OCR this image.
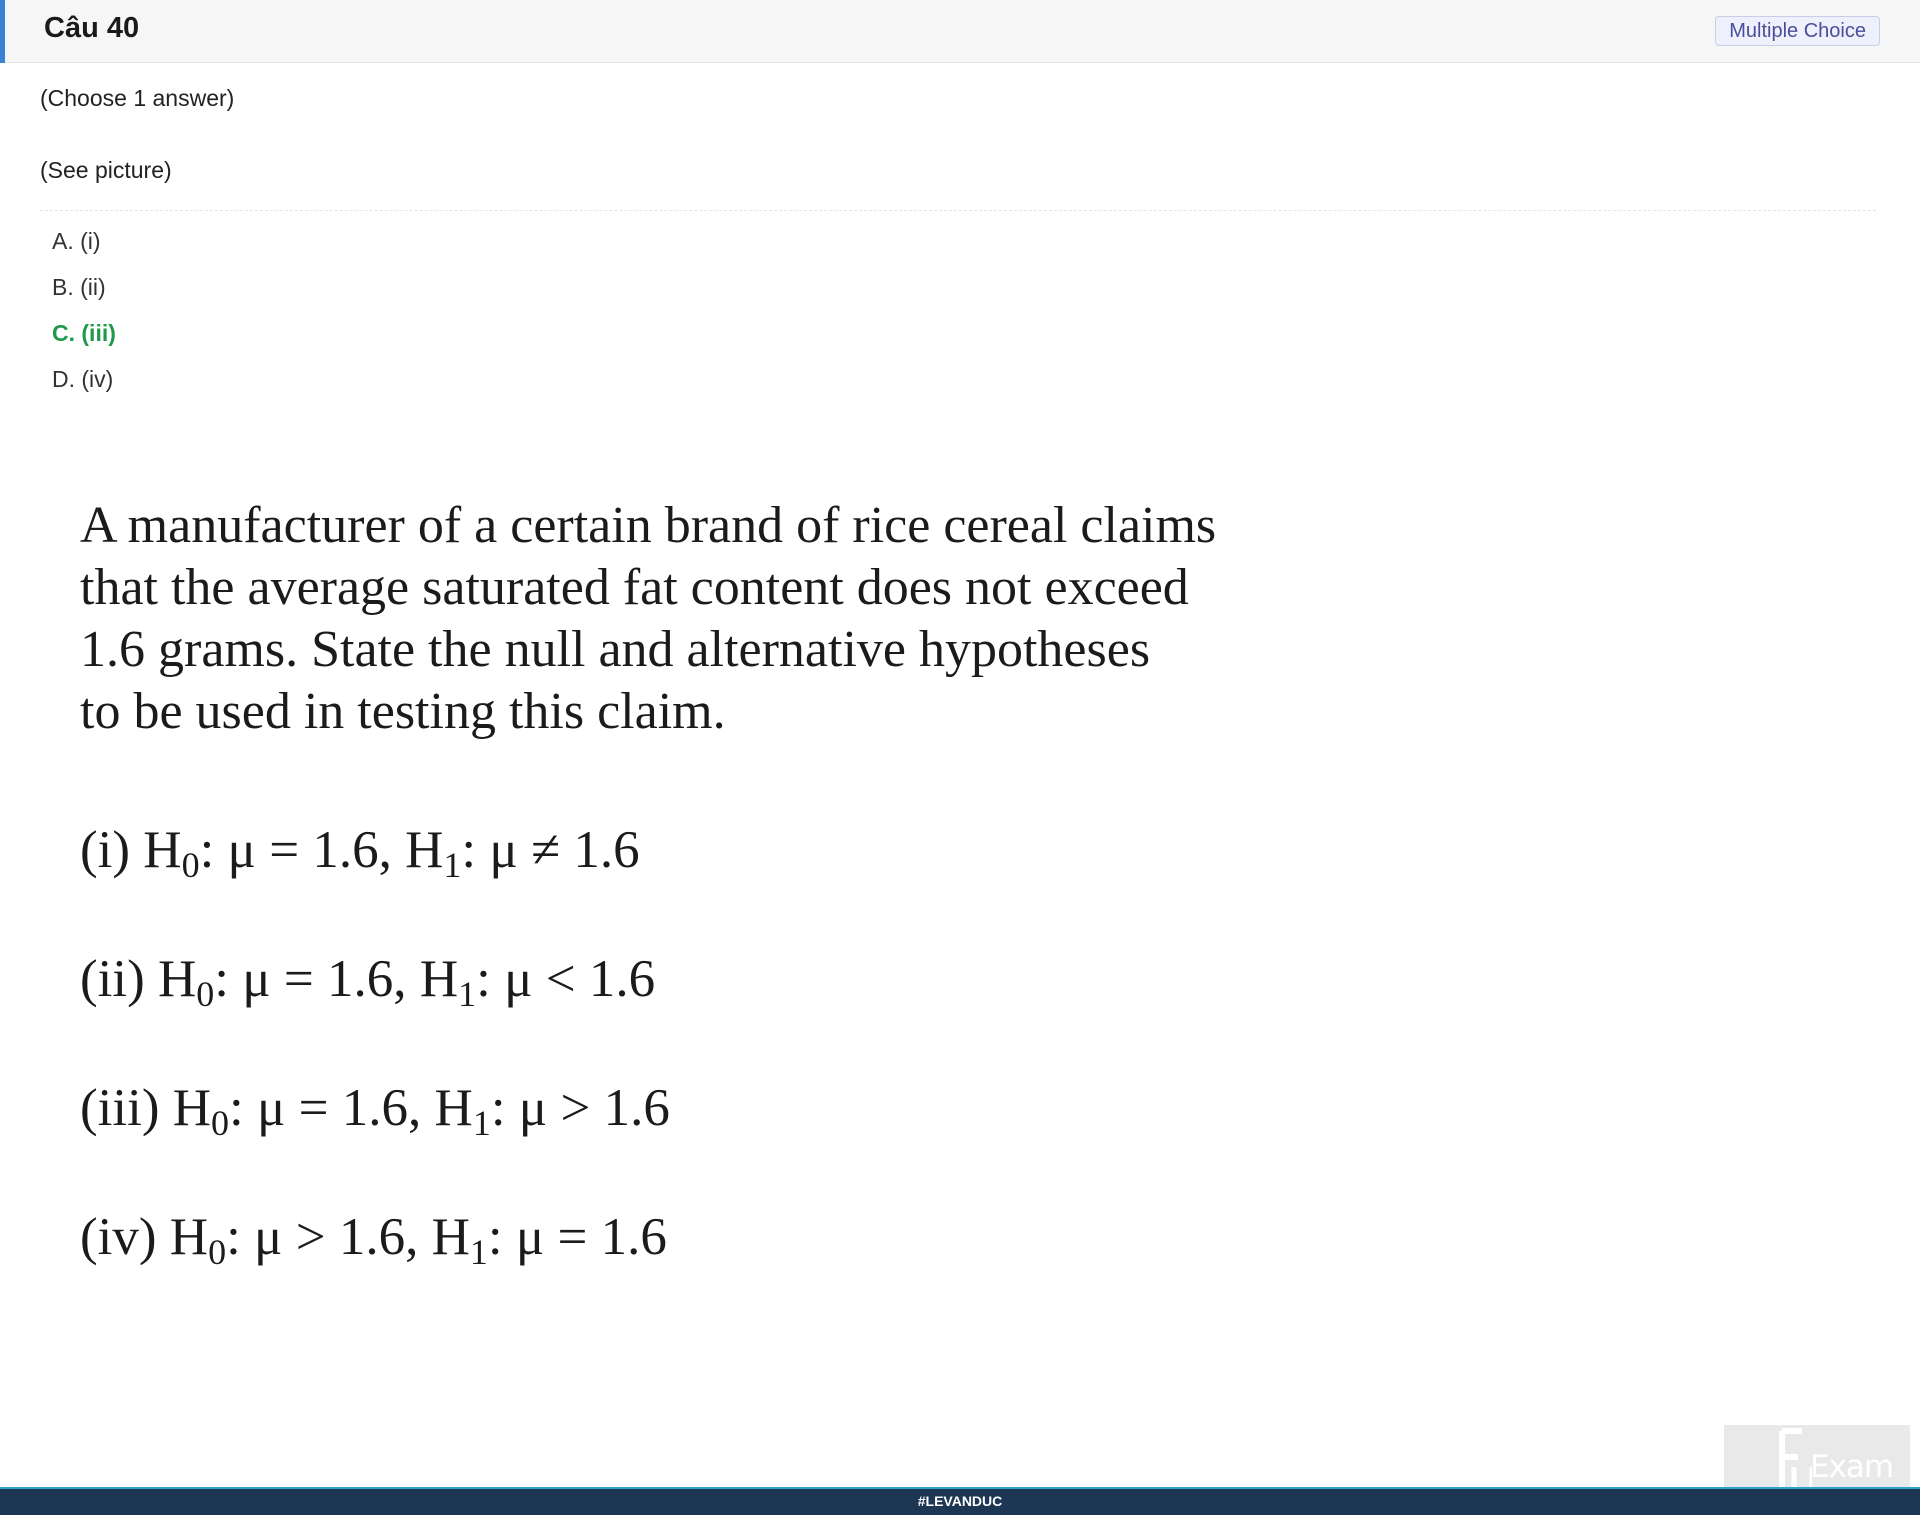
Câu 40	Multiple Choice
(Choose 1 answer)
(See picture)
A. (i)
B. (ii)
C. (iii)
D. (iv)
A manufacturer of a certain brand of rice cereal claims
that the average saturated fat content does not exceed
1.6 grams. State the null and alternative hypotheses
to be used in testing this claim.
(i) $H_0$: μ = 1.6, $H_1$: μ ≠ 1.6
(ii) $H_0$: μ = 1.6, $H_1$: μ < 1.6
(iii) $H_0$: μ = 1.6, $H_1$: μ > 1.6
(iv) $H_0$: μ > 1.6, $H_1$: μ = 1.6
Exam
#LEVANDUC
